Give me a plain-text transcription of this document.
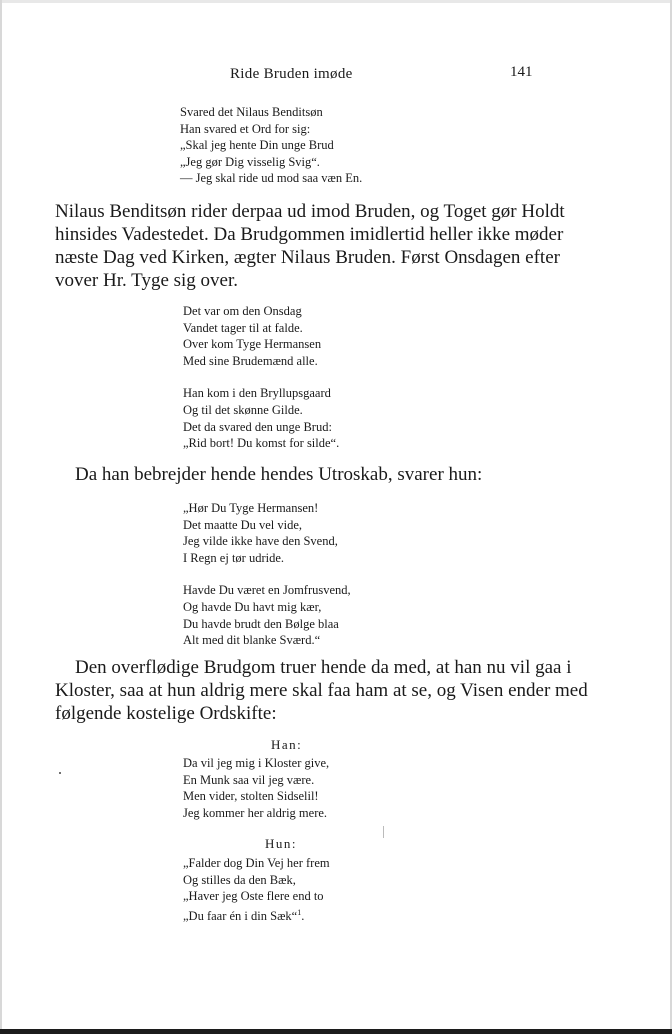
Ride Bruden imøde	141
Svared det Nilaus Benditsøn
Han svared et Ord for sig:
„Skal jeg hente Din unge Brud
„Jeg gør Dig visselig Svig“.
— Jeg skal ride ud mod saa væn En.

Nilaus Benditsøn rider derpaa ud imod Bruden, og Toget gør Holdt hinsides Vadestedet. Da Brudgommen imidlertid heller ikke møder næste Dag ved Kirken, ægter Nilaus Bruden. Først Onsdagen efter vover Hr. Tyge sig over.

Det var om den Onsdag
Vandet tager til at falde.
Over kom Tyge Hermansen
Med sine Brudemænd alle.
Han kom i den Bryllupsgaard
Og til det skønne Gilde.
Det da svared den unge Brud:
„Rid bort! Du komst for silde“.

Da han bebrejder hende hendes Utroskab, svarer hun:

„Hør Du Tyge Hermansen!
Det maatte Du vel vide,
Jeg vilde ikke have den Svend,
I Regn ej tør udride.
Havde Du været en Jomfrusvend,
Og havde Du havt mig kær,
Du havde brudt den Bølge blaa
Alt med dit blanke Sværd.“

Den overflødige Brudgom truer hende da med, at han nu vil gaa i Kloster, saa at hun aldrig mere skal faa ham at se, og Visen ender med følgende kostelige Ordskifte:

Han:
Da vil jeg mig i Kloster give,
En Munk saa vil jeg være.
Men vider, stolten Sidselil!
Jeg kommer her aldrig mere.
Hun:
„Falder dog Din Vej her frem
Og stilles da den Bæk,
„Haver jeg Oste flere end to
„Du faar én i din Sæk“$^1$.
